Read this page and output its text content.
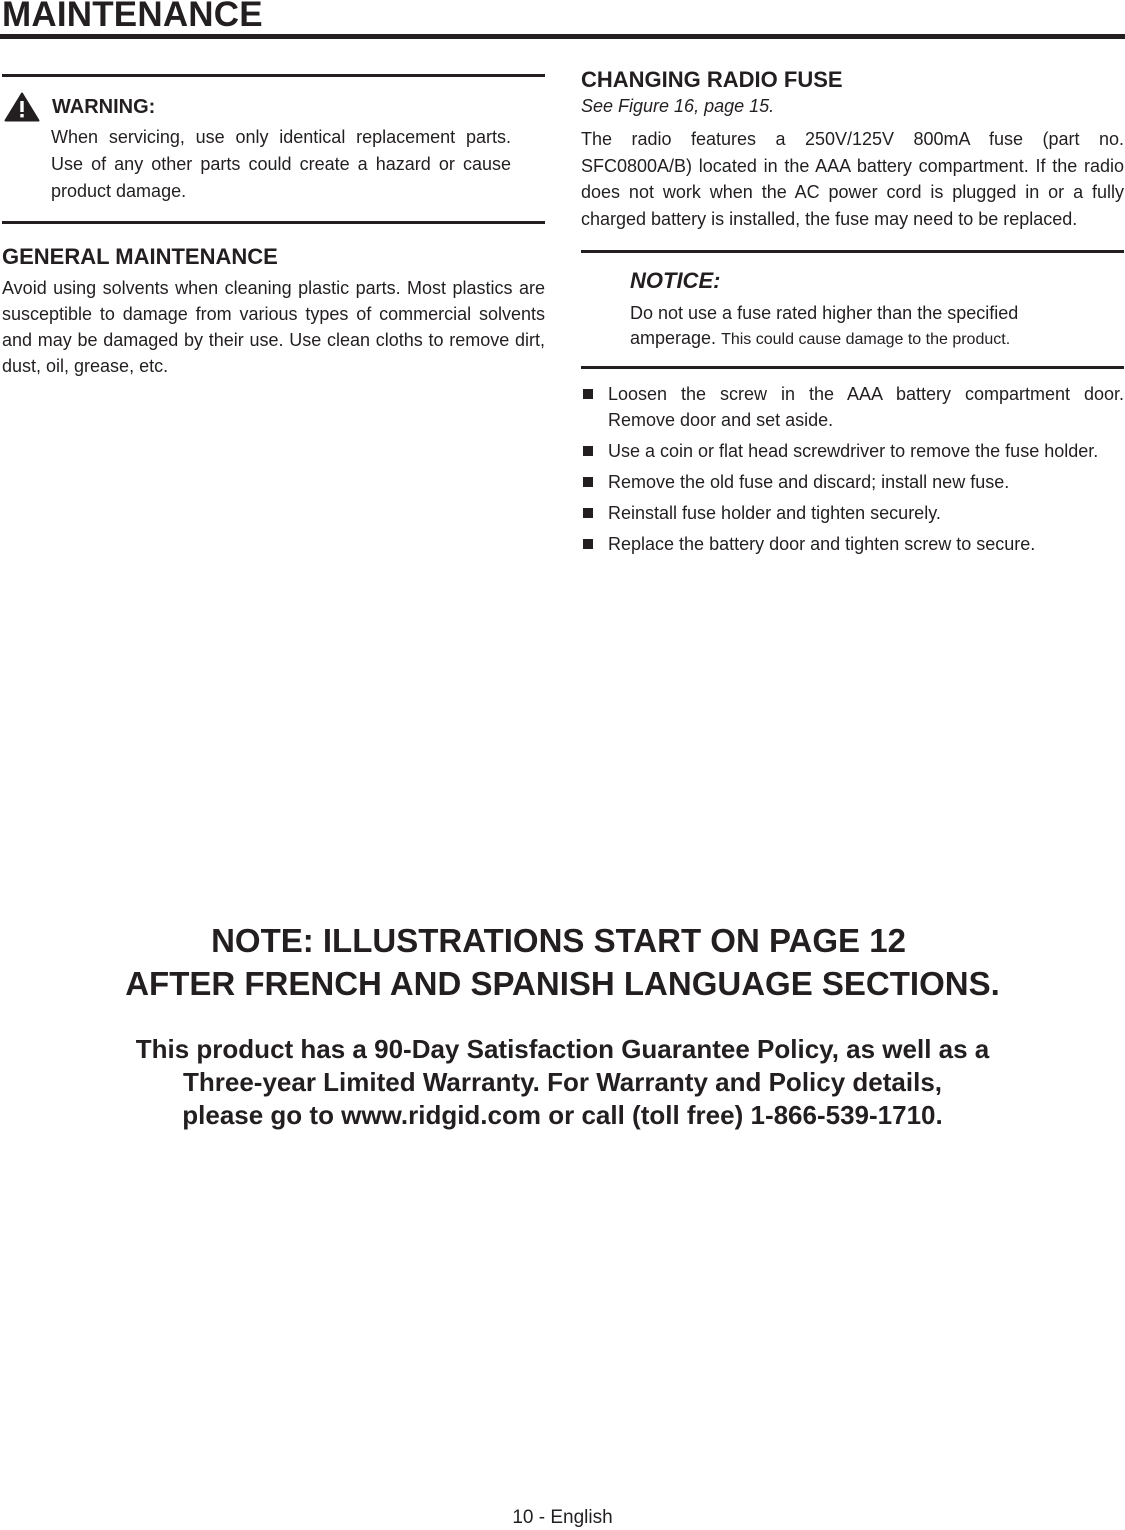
MAINTENANCE
WARNING:

When servicing, use only identical replacement parts. Use of any other parts could create a hazard or cause product damage.

GENERAL MAINTENANCE

Avoid using solvents when cleaning plastic parts. Most plastics are susceptible to damage from various types of commercial solvents and may be damaged by their use. Use clean cloths to remove dirt, dust, oil, grease, etc.

CHANGING RADIO FUSE
See Figure 16, page 15.

The radio features a 250V/125V 800mA fuse (part no. SFC0800A/B) located in the AAA battery compartment. If the radio does not work when the AC power cord is plugged in or a fully charged battery is installed, the fuse may need to be replaced.

NOTICE:
Do not use a fuse rated higher than the specified amperage. This could cause damage to the product.
Loosen the screw in the AAA battery compartment door. Remove door and set aside.
Use a coin or flat head screwdriver to remove the fuse holder.
Remove the old fuse and discard; install new fuse.
Reinstall fuse holder and tighten securely.
Replace the battery door and tighten screw to secure.
NOTE: ILLUSTRATIONS START ON PAGE 12
AFTER FRENCH AND SPANISH LANGUAGE SECTIONS.
This product has a 90-Day Satisfaction Guarantee Policy, as well as a
Three-year Limited Warranty. For Warranty and Policy details,
please go to www.ridgid.com or call (toll free) 1-866-539-1710.
10 - English
